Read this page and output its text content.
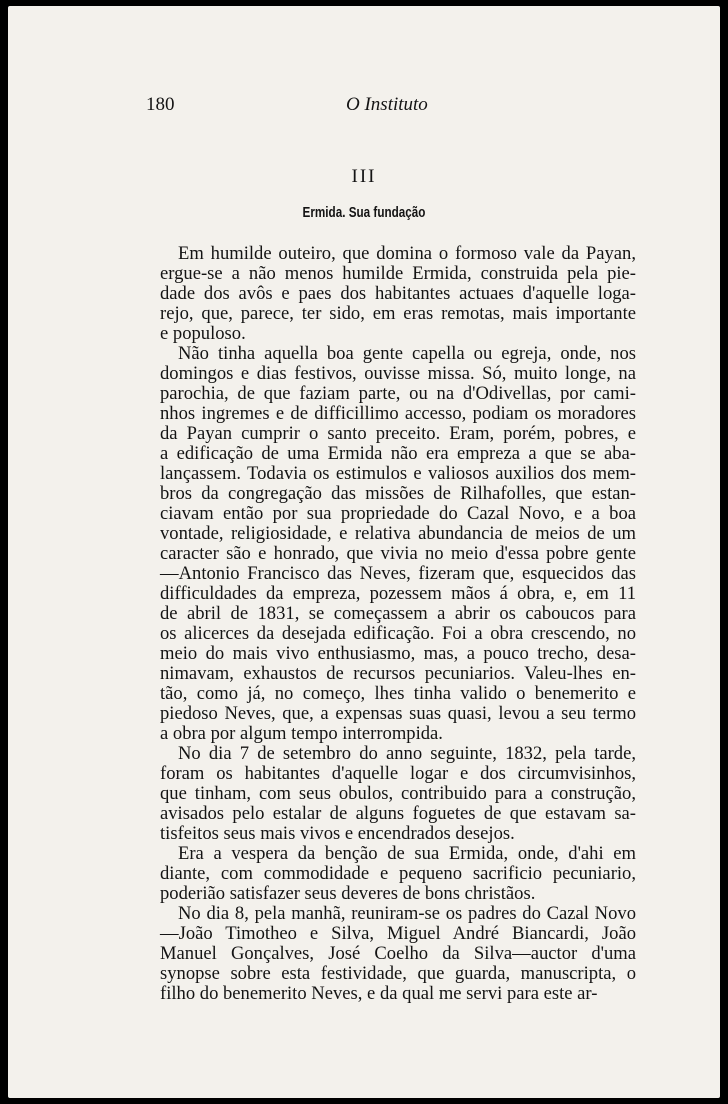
180	O Instituto
III
Ermida. Sua fundação
Em humilde outeiro, que domina o formoso vale da Payan,
ergue-se a não menos humilde Ermida, construida pela pie-
dade dos avôs e paes dos habitantes actuaes d'aquelle loga-
rejo, que, parece, ter sido, em eras remotas, mais importante
e populoso.
Não tinha aquella boa gente capella ou egreja, onde, nos
domingos e dias festivos, ouvisse missa. Só, muito longe, na
parochia, de que faziam parte, ou na d'Odivellas, por cami-
nhos ingremes e de difficillimo accesso, podiam os moradores
da Payan cumprir o santo preceito. Eram, porém, pobres, e
a edificação de uma Ermida não era empreza a que se aba-
lançassem. Todavia os estimulos e valiosos auxilios dos mem-
bros da congregação das missões de Rilhafolles, que estan-
ciavam então por sua propriedade do Cazal Novo, e a boa
vontade, religiosidade, e relativa abundancia de meios de um
caracter são e honrado, que vivia no meio d'essa pobre gente
—Antonio Francisco das Neves, fizeram que, esquecidos das
difficuldades da empreza, pozessem mãos á obra, e, em 11
de abril de 1831, se começassem a abrir os caboucos para
os alicerces da desejada edificação. Foi a obra crescendo, no
meio do mais vivo enthusiasmo, mas, a pouco trecho, desa-
nimavam, exhaustos de recursos pecuniarios. Valeu-lhes en-
tão, como já, no começo, lhes tinha valido o benemerito e
piedoso Neves, que, a expensas suas quasi, levou a seu termo
a obra por algum tempo interrompida.
No dia 7 de setembro do anno seguinte, 1832, pela tarde,
foram os habitantes d'aquelle logar e dos circumvisinhos,
que tinham, com seus obulos, contribuido para a construção,
avisados pelo estalar de alguns foguetes de que estavam sa-
tisfeitos seus mais vivos e encendrados desejos.
Era a vespera da benção de sua Ermida, onde, d'ahi em
diante, com commodidade e pequeno sacrificio pecuniario,
poderião satisfazer seus deveres de bons christãos.
No dia 8, pela manhã, reuniram-se os padres do Cazal Novo
—João Timotheo e Silva, Miguel André Biancardi, João
Manuel Gonçalves, José Coelho da Silva—auctor d'uma
synopse sobre esta festividade, que guarda, manuscripta, o
filho do benemerito Neves, e da qual me servi para este ar-
